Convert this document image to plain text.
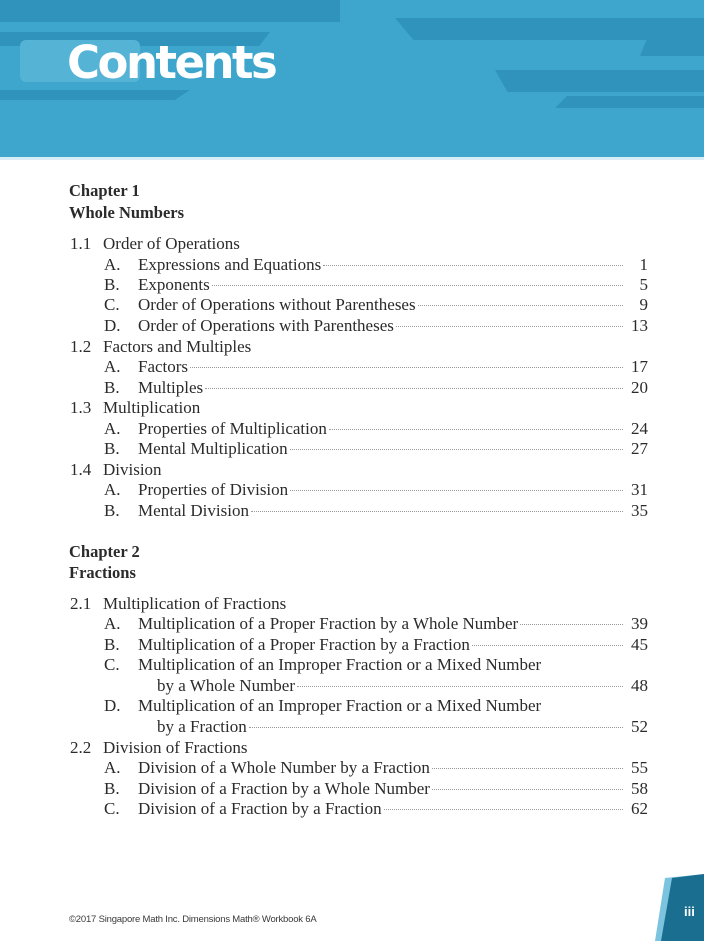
Contents
Chapter 1
Whole Numbers
1.1 Order of Operations
A. Expressions and Equations	1
B. Exponents	5
C. Order of Operations without Parentheses	9
D. Order of Operations with Parentheses	13
1.2 Factors and Multiples
A. Factors	17
B. Multiples	20
1.3 Multiplication
A. Properties of Multiplication	24
B. Mental Multiplication	27
1.4 Division
A. Properties of Division	31
B. Mental Division	35
Chapter 2
Fractions
2.1 Multiplication of Fractions
A. Multiplication of a Proper Fraction by a Whole Number	39
B. Multiplication of a Proper Fraction by a Fraction	45
C. Multiplication of an Improper Fraction or a Mixed Number
by a Whole Number	48
D. Multiplication of an Improper Fraction or a Mixed Number
by a Fraction	52
2.2 Division of Fractions
A. Division of a Whole Number by a Fraction	55
B. Division of a Fraction by a Whole Number	58
C. Division of a Fraction by a Fraction	62
©2017 Singapore Math Inc. Dimensions Math® Workbook 6A
iii
